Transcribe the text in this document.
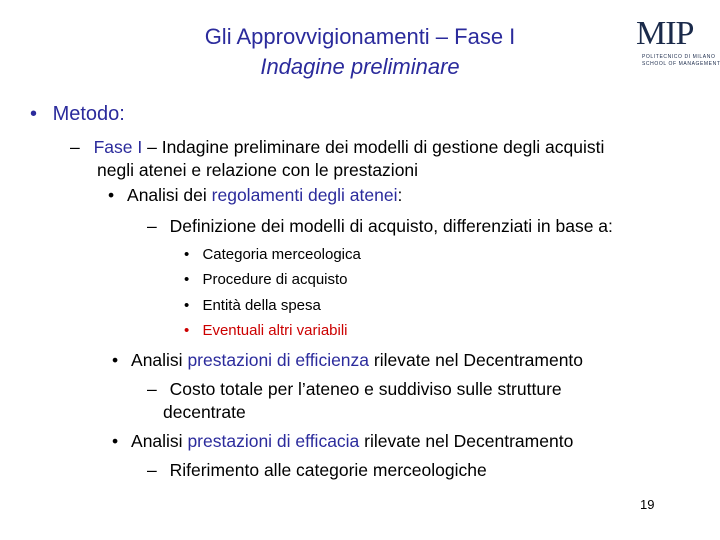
Gli Approvvigionamenti – Fase I
Indagine preliminare
MIP
POLITECNICO DI MILANO
SCHOOL OF MANAGEMENT
• Metodo:
– Fase I – Indagine preliminare dei modelli di gestione degli acquisti
negli atenei e relazione con le prestazioni
• Analisi dei regolamenti degli atenei:
– Definizione dei modelli di acquisto, differenziati in base a:
• Categoria merceologica
• Procedure di acquisto
• Entità della spesa
• Eventuali altri variabili
• Analisi prestazioni di efficienza rilevate nel Decentramento
– Costo totale per l’ateneo e suddiviso sulle strutture
decentrate
• Analisi prestazioni di efficacia rilevate nel Decentramento
– Riferimento alle categorie merceologiche
19
